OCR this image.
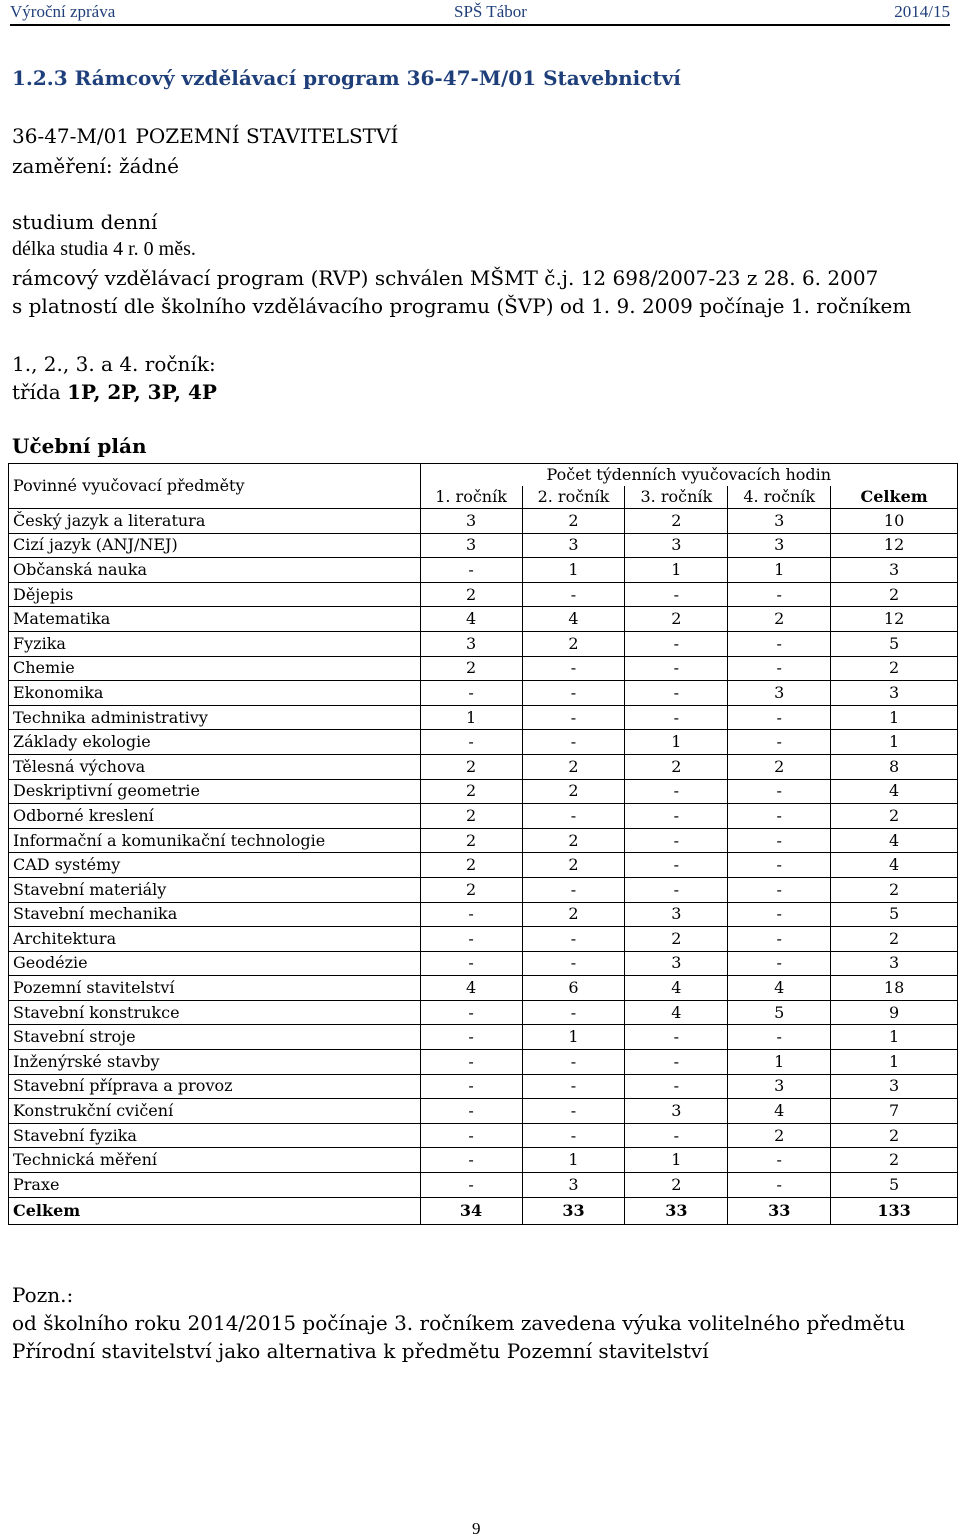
Výroční zpráva	SPŠ Tábor	2014/15
1.2.3 Rámcový vzdělávací program 36-47-M/01 Stavebnictví
36-47-M/01 POZEMNÍ STAVITELSTVÍ
zaměření: žádné
studium denní
délka studia 4 r. 0 měs.
rámcový vzdělávací program (RVP) schválen MŠMT č.j. 12 698/2007-23 z 28. 6. 2007
s platností dle školního vzdělávacího programu (ŠVP) od 1. 9. 2009 počínaje 1. ročníkem
1., 2., 3. a 4. ročník:
třída 1P, 2P, 3P, 4P
Učební plán
Povinné vyučovací předměty	Počet týdenních vyučovacích hodin				
	1. ročník	2. ročník	3. ročník	4. ročník	Celkem
Český jazyk a literatura	3	2	2	3	10
Cizí jazyk (ANJ/NEJ)	3	3	3	3	12
Občanská nauka	-	1	1	1	3
Dějepis	2	-	-	-	2
Matematika	4	4	2	2	12
Fyzika	3	2	-	-	5
Chemie	2	-	-	-	2
Ekonomika	-	-	-	3	3
Technika administrativy	1	-	-	-	1
Základy ekologie	-	-	1	-	1
Tělesná výchova	2	2	2	2	8
Deskriptivní geometrie	2	2	-	-	4
Odborné kreslení	2	-	-	-	2
Informační a komunikační technologie	2	2	-	-	4
CAD systémy	2	2	-	-	4
Stavební materiály	2	-	-	-	2
Stavební mechanika	-	2	3	-	5
Architektura	-	-	2	-	2
Geodézie	-	-	3	-	3
Pozemní stavitelství	4	6	4	4	18
Stavební konstrukce	-	-	4	5	9
Stavební stroje	-	1	-	-	1
Inženýrské stavby	-	-	-	1	1
Stavební příprava a provoz	-	-	-	3	3
Konstrukční cvičení	-	-	3	4	7
Stavební fyzika	-	-	-	2	2
Technická měření	-	1	1	-	2
Praxe	-	3	2	-	5
Celkem	34	33	33	33	133
Pozn.:
od školního roku 2014/2015 počínaje 3. ročníkem zavedena výuka volitelného předmětu
Přírodní stavitelství jako alternativa k předmětu Pozemní stavitelství
9
